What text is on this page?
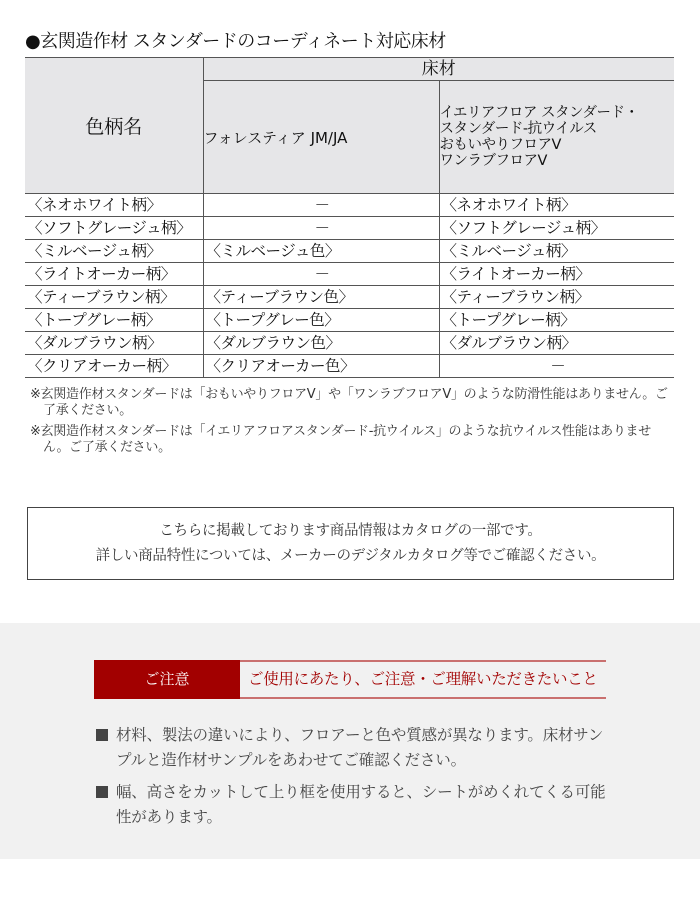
●玄関造作材 スタンダードのコーディネート対応床材
色柄名	床材	

	フォレスティア JM/JA	イエリアフロア スタンダード・
スタンダード-抗ウイルス
おもいやりフロアV
ワンラブフロアV

〈ネオホワイト柄〉	－	〈ネオホワイト柄〉
〈ソフトグレージュ柄〉	－	〈ソフトグレージュ柄〉
〈ミルベージュ柄〉	〈ミルベージュ色〉	〈ミルベージュ柄〉
〈ライトオーカー柄〉	－	〈ライトオーカー柄〉
〈ティーブラウン柄〉	〈ティーブラウン色〉	〈ティーブラウン柄〉
〈トープグレー柄〉	〈トープグレー色〉	〈トープグレー柄〉
〈ダルブラウン柄〉	〈ダルブラウン色〉	〈ダルブラウン柄〉
〈クリアオーカー柄〉	〈クリアオーカー色〉	－
※玄関造作材スタンダードは「おもいやりフロアV」や「ワンラブフロアV」のような防滑性能はありません。ご了承ください。
※玄関造作材スタンダードは「イエリアフロアスタンダード-抗ウイルス」のような抗ウイルス性能はありません。ご了承ください。
こちらに掲載しております商品情報はカタログの一部です。
詳しい商品特性については、メーカーのデジタルカタログ等でご確認ください。
ご注意	ご使用にあたり、ご注意・ご理解いただきたいこと
材料、製法の違いにより、フロアーと色や質感が異なります。床材サンプルと造作材サンプルをあわせてご確認ください。
幅、高さをカットして上り框を使用すると、シートがめくれてくる可能性があります。
